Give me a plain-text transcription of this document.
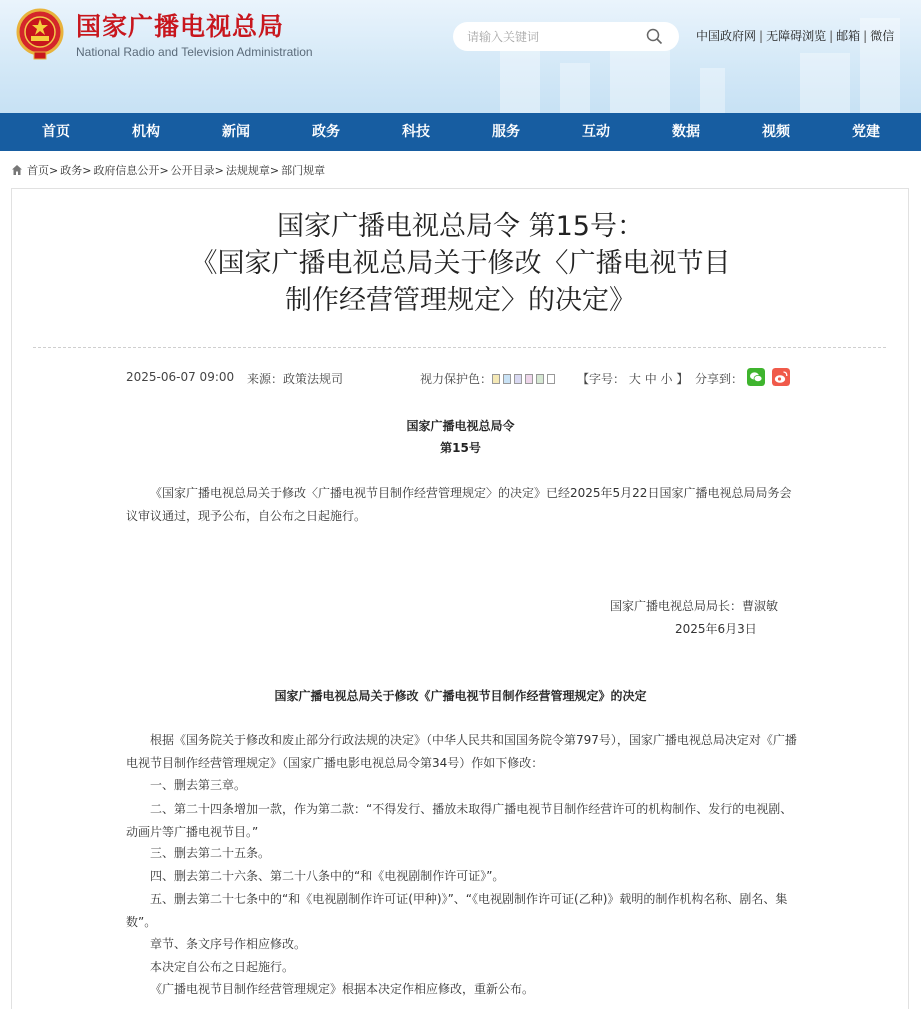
国家广播电视总局
National Radio and Television Administration
请输入关键词
中国政府网 | 无障碍浏览 | 邮箱 | 微信
首页	机构	新闻	政务	科技	服务	互动	数据	视频	党建
首页 > 政务 > 政府信息公开 > 公开目录 > 法规规章 > 部门规章
国家广播电视总局令 第15号：
《国家广播电视总局关于修改〈广播电视节目
制作经营管理规定〉的决定》
2025-06-07 09:00 来源：政策法规司	视力保护色：	【字号： 大 中 小 】 分享到：
国家广播电视总局令
第15号
《国家广播电视总局关于修改〈广播电视节目制作经营管理规定〉的决定》已经2025年5月22日国家广播电视总局局务会议审议通过，现予公布，自公布之日起施行。
国家广播电视总局局长：曹淑敏
2025年6月3日
国家广播电视总局关于修改《广播电视节目制作经营管理规定》的决定
根据《国务院关于修改和废止部分行政法规的决定》（中华人民共和国国务院令第797号），国家广播电视总局决定对《广播电视节目制作经营管理规定》（国家广播电影电视总局令第34号）作如下修改：
一、删去第三章。
二、第二十四条增加一款，作为第二款：“不得发行、播放未取得广播电视节目制作经营许可的机构制作、发行的电视剧、动画片等广播电视节目。”
三、删去第二十五条。
四、删去第二十六条、第二十八条中的“和《电视剧制作许可证》”。
五、删去第二十七条中的“和《电视剧制作许可证(甲种)》”、“《电视剧制作许可证(乙种)》载明的制作机构名称、剧名、集数”。
章节、条文序号作相应修改。
本决定自公布之日起施行。
《广播电视节目制作经营管理规定》根据本决定作相应修改，重新公布。
